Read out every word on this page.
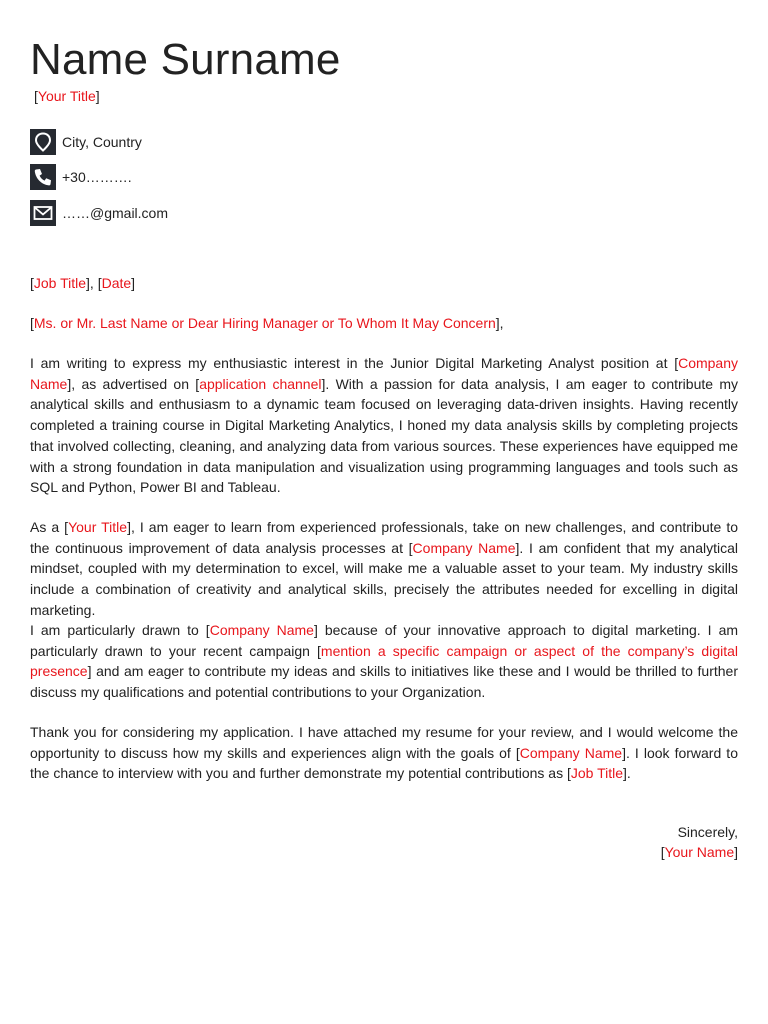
Name Surname
[Your Title]
City, Country
+30……….
……@gmail.com

[Job Title], [Date]

[Ms. or Mr. Last Name or Dear Hiring Manager or To Whom It May Concern],

I am writing to express my enthusiastic interest in the Junior Digital Marketing Analyst position at [Company Name], as advertised on [application channel]. With a passion for data analysis, I am eager to contribute my analytical skills and enthusiasm to a dynamic team focused on leveraging data-driven insights. Having recently completed a training course in Digital Marketing Analytics, I honed my data analysis skills by completing projects that involved collecting, cleaning, and analyzing data from various sources. These experiences have equipped me with a strong foundation in data manipulation and visualization using programming languages and tools such as SQL and Python, Power BI and Tableau.

As a [Your Title], I am eager to learn from experienced professionals, take on new challenges, and contribute to the continuous improvement of data analysis processes at [Company Name]. I am confident that my analytical mindset, coupled with my determination to excel, will make me a valuable asset to your team. My industry skills include a combination of creativity and analytical skills, precisely the attributes needed for excelling in digital marketing.

I am particularly drawn to [Company Name] because of your innovative approach to digital marketing. I am particularly drawn to your recent campaign [mention a specific campaign or aspect of the company’s digital presence] and am eager to contribute my ideas and skills to initiatives like these and I would be thrilled to further discuss my qualifications and potential contributions to your Organization.

Thank you for considering my application. I have attached my resume for your review, and I would welcome the opportunity to discuss how my skills and experiences align with the goals of [Company Name]. I look forward to the chance to interview with you and further demonstrate my potential contributions as [Job Title].

Sincerely,
[Your Name]
